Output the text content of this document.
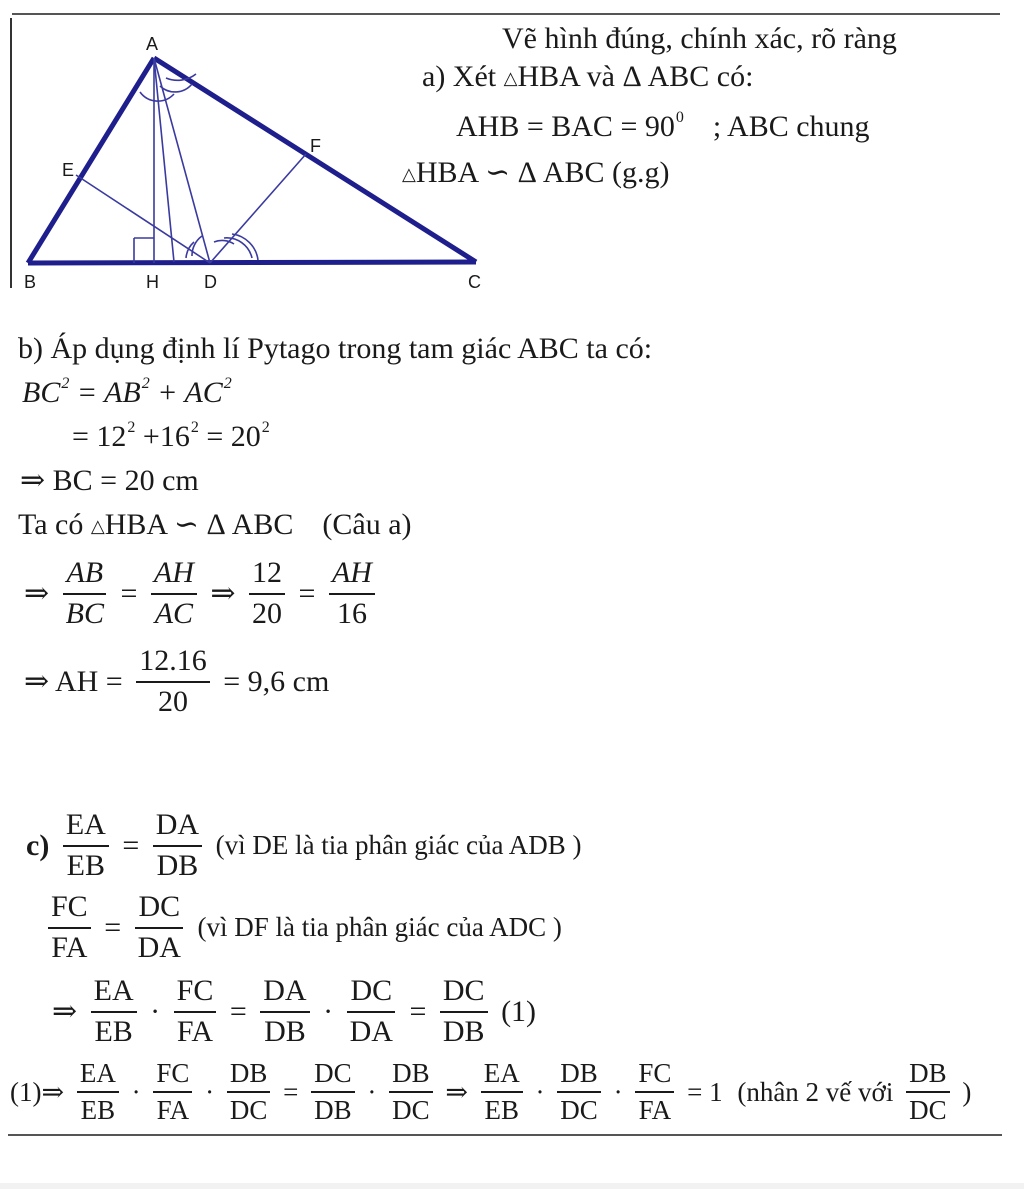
A
E
F
B	H	D	C
Vẽ hình đúng, chính xác, rõ ràng
a) Xét △HBA và Δ ABC có:
AHB = BAC = $90^0$ ; ABC chung
△HBA ∽ Δ ABC (g.g)
b) Áp dụng định lí Pytago trong tam giác ABC ta có:
$BC^2 = AB^2 + AC^2$
= $12^2 +16^2 = 20^2$
⇒ BC = 20 cm
Ta có △HBA ∽ Δ ABC (Câu a)
⇒ $\frac{AB}{BC} = \frac{AH}{AC}$ ⇒ $\frac{12}{20} = \frac{AH}{16}$
⇒ AH = $\frac{12.16}{20} = 9,6$ cm
$c) \frac{EA}{EB} = \frac{DA}{DB}$ (vì DE là tia phân giác của ADB )
$\frac{FC}{FA} = \frac{DC}{DA}$ (vì DF là tia phân giác của ADC )
⇒ $\frac{EA}{EB} \cdot \frac{FC}{FA} = \frac{DA}{DB} \cdot \frac{DC}{DA} = \frac{DC}{DB} (1)$
(1)⇒ $\frac{EA}{EB} \cdot \frac{FC}{FA} \cdot \frac{DB}{DC} = \frac{DC}{DB} \cdot \frac{DB}{DC}$ ⇒ $\frac{EA}{EB} \cdot \frac{DB}{DC} \cdot \frac{FC}{FA} = 1$ (nhân 2 vế với $\frac{DB}{DC}$ )
